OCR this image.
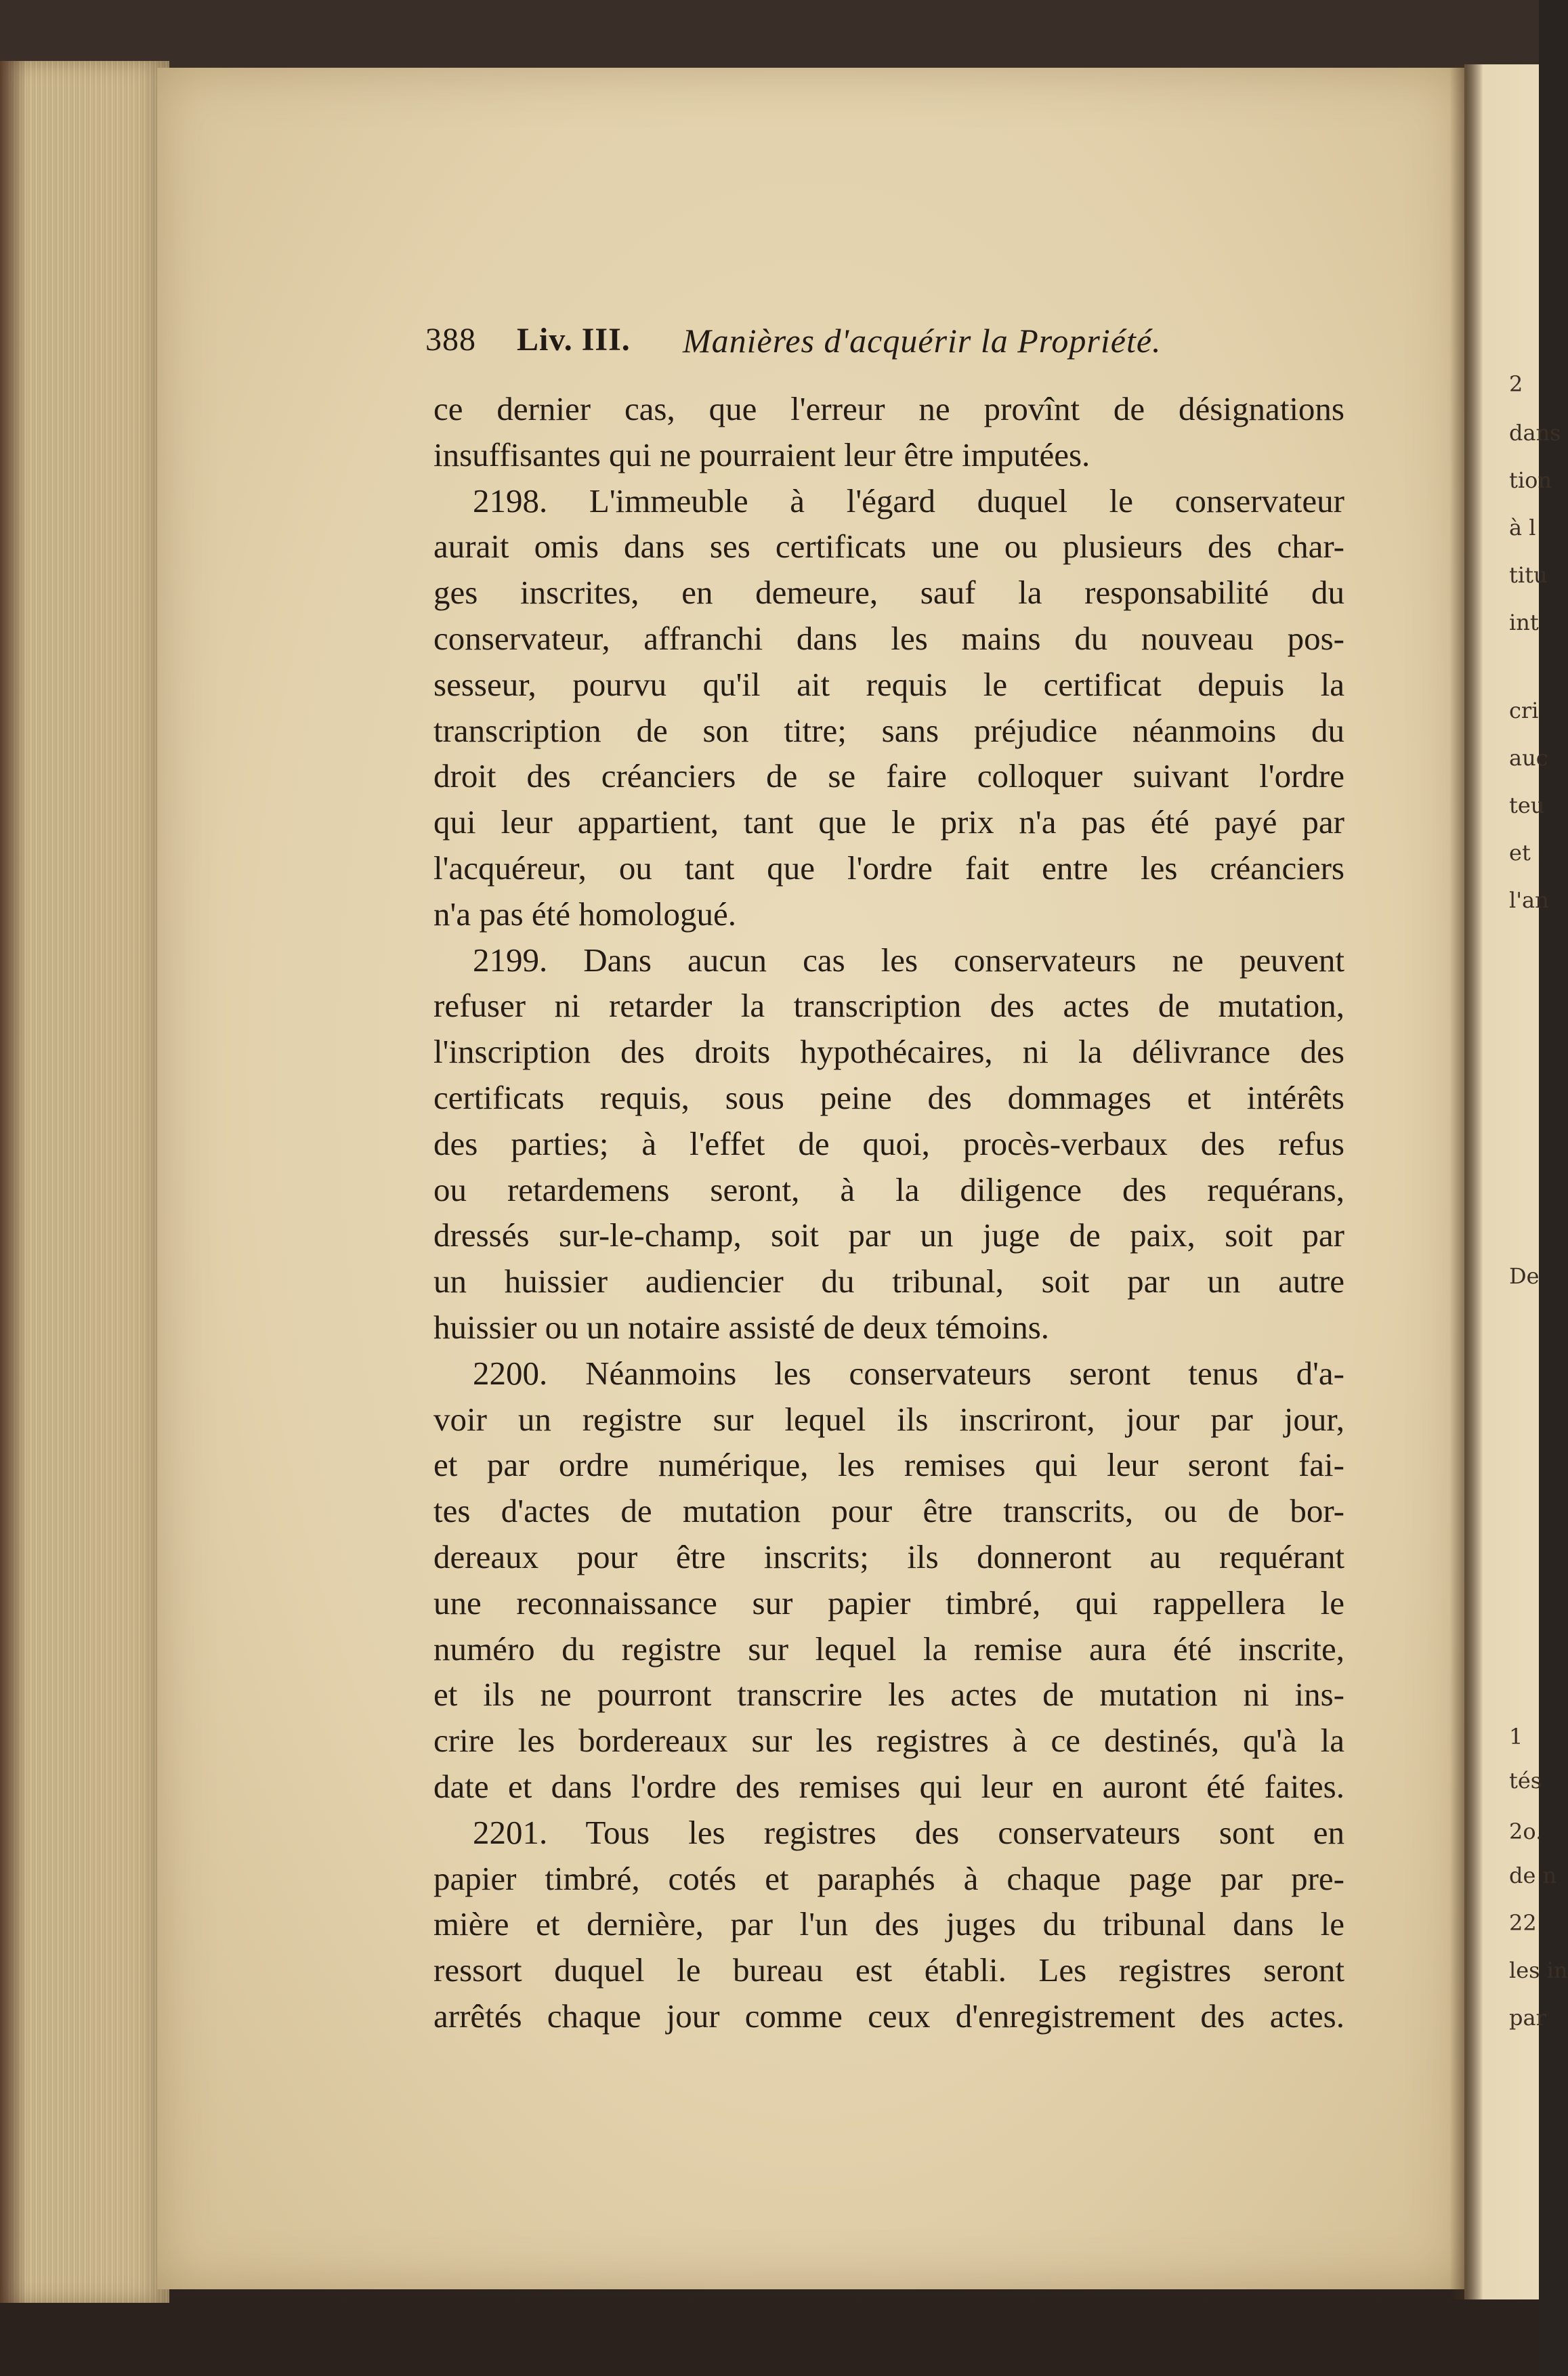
388 Liv. III. Manières d'acquérir la Propriété.
ce dernier cas, que l'erreur ne provînt de désignations
insuffisantes qui ne pourraient leur être imputées.
2198. L'immeuble à l'égard duquel le conservateur
aurait omis dans ses certificats une ou plusieurs des char-
ges inscrites, en demeure, sauf la responsabilité du
conservateur, affranchi dans les mains du nouveau pos-
sesseur, pourvu qu'il ait requis le certificat depuis la
transcription de son titre; sans préjudice néanmoins du
droit des créanciers de se faire colloquer suivant l'ordre
qui leur appartient, tant que le prix n'a pas été payé par
l'acquéreur, ou tant que l'ordre fait entre les créanciers
n'a pas été homologué.
2199. Dans aucun cas les conservateurs ne peuvent
refuser ni retarder la transcription des actes de mutation,
l'inscription des droits hypothécaires, ni la délivrance des
certificats requis, sous peine des dommages et intérêts
des parties; à l'effet de quoi, procès-verbaux des refus
ou retardemens seront, à la diligence des requérans,
dressés sur-le-champ, soit par un juge de paix, soit par
un huissier audiencier du tribunal, soit par un autre
huissier ou un notaire assisté de deux témoins.
2200. Néanmoins les conservateurs seront tenus d'a-
voir un registre sur lequel ils inscriront, jour par jour,
et par ordre numérique, les remises qui leur seront fai-
tes d'actes de mutation pour être transcrits, ou de bor-
dereaux pour être inscrits; ils donneront au requérant
une reconnaissance sur papier timbré, qui rappellera le
numéro du registre sur lequel la remise aura été inscrite,
et ils ne pourront transcrire les actes de mutation ni ins-
crire les bordereaux sur les registres à ce destinés, qu'à la
date et dans l'ordre des remises qui leur en auront été faites.
2201. Tous les registres des conservateurs sont en
papier timbré, cotés et paraphés à chaque page par pre-
mière et dernière, par l'un des juges du tribunal dans le
ressort duquel le bureau est établi. Les registres seront
arrêtés chaque jour comme ceux d'enregistrement des actes.
2
dans
tion
à l
titu
int
cri
auc
teu
et
l'an
De
1
tés
2o.
de n
22
les in
par
